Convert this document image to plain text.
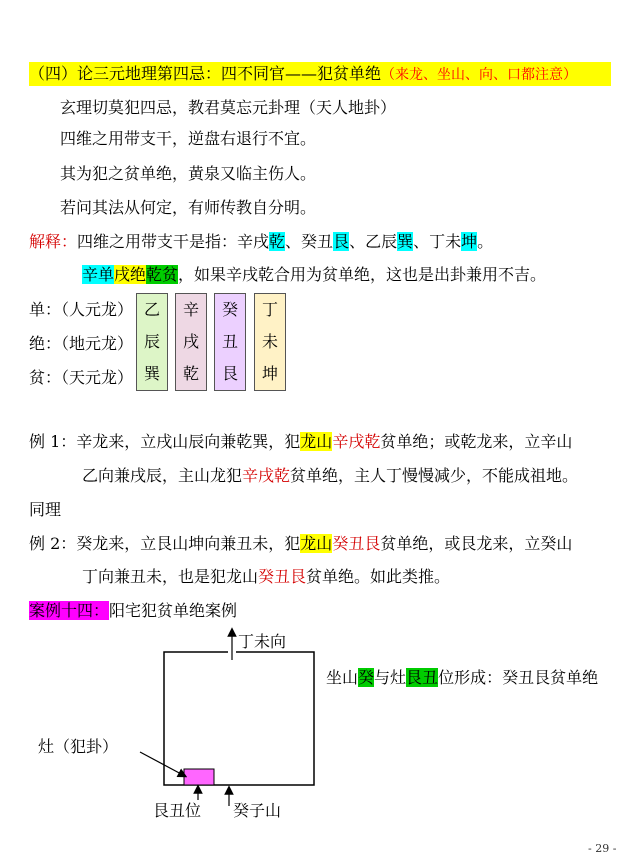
（四）论三元地理第四忌：四不同官——犯贫单绝（来龙、坐山、向、口都注意）
玄理切莫犯四忌，教君莫忘元卦理（天人地卦）
四维之用带支干，逆盘右退行不宜。
其为犯之贫单绝，黄泉又临主伤人。
若问其法从何定，有师传教自分明。
解释：四维之用带支干是指：辛戌乾、癸丑艮、乙辰巽、丁未坤。
辛单戌绝乾贫，如果辛戌乾合用为贫单绝，这也是出卦兼用不吉。
单：（人元龙）
绝：（地元龙）
贫：（天元龙）
乙
辰
巽
辛
戌
乾
癸
丑
艮
丁
未
坤
例 1：辛龙来，立戌山辰向兼乾巽，犯龙山辛戌乾贫单绝；或乾龙来，立辛山
乙向兼戌辰，主山龙犯辛戌乾贫单绝，主人丁慢慢减少，不能成祖地。
同理
例 2：癸龙来，立艮山坤向兼丑未，犯龙山癸丑艮贫单绝，或艮龙来，立癸山
丁向兼丑未，也是犯龙山癸丑艮贫单绝。如此类推。
案例十四：阳宅犯贫单绝案例
丁未向
灶（犯卦）
艮丑位 癸子山
坐山癸与灶艮丑位形成：癸丑艮贫单绝
- 29 -
